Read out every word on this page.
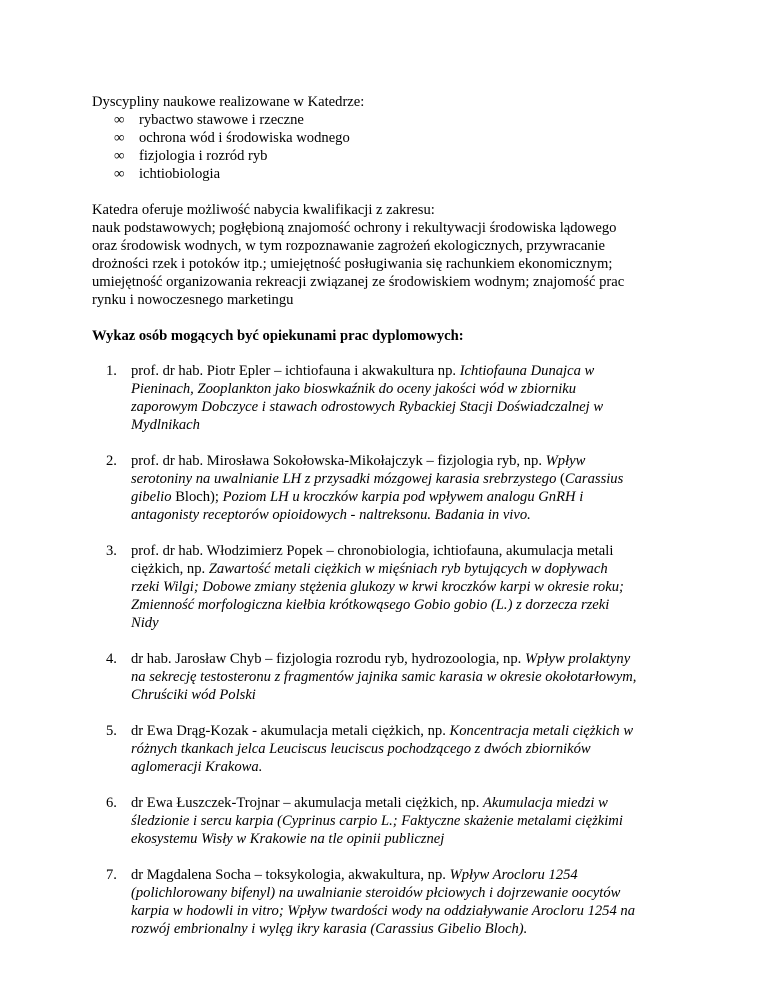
Dyscypliny naukowe realizowane w Katedrze:
∞ rybactwo stawowe i rzeczne
∞ ochrona wód i środowiska wodnego
∞ fizjologia i rozród ryb
∞ ichtiobiologia
Katedra oferuje możliwość nabycia kwalifikacji z zakresu:
nauk podstawowych; pogłębioną znajomość ochrony i rekultywacji środowiska lądowego
oraz środowisk wodnych, w tym rozpoznawanie zagrożeń ekologicznych, przywracanie
drożności rzek i potoków itp.; umiejętność posługiwania się rachunkiem ekonomicznym;
umiejętność organizowania rekreacji związanej ze środowiskiem wodnym; znajomość prac
rynku i nowoczesnego marketingu
Wykaz osób mogących być opiekunami prac dyplomowych:
1. prof. dr hab. Piotr Epler – ichtiofauna i akwakultura np. Ichtiofauna Dunajca w
Pieninach, Zooplankton jako bioswkaźnik do oceny jakości wód w zbiorniku
zaporowym Dobczyce i stawach odrostowych Rybackiej Stacji Doświadczalnej w
Mydlnikach
2. prof. dr hab. Mirosława Sokołowska-Mikołajczyk – fizjologia ryb, np. Wpływ
serotoniny na uwalnianie LH z przysadki mózgowej karasia srebrzystego (Carassius
gibelio Bloch); Poziom LH u kroczków karpia pod wpływem analogu GnRH i
antagonisty receptorów opioidowych - naltreksonu. Badania in vivo.
3. prof. dr hab. Włodzimierz Popek – chronobiologia, ichtiofauna, akumulacja metali
ciężkich, np. Zawartość metali ciężkich w mięśniach ryb bytujących w dopływach
rzeki Wilgi; Dobowe zmiany stężenia glukozy w krwi kroczków karpi w okresie roku;
Zmienność morfologiczna kiełbia krótkowąsego Gobio gobio (L.) z dorzecza rzeki
Nidy
4. dr hab. Jarosław Chyb – fizjologia rozrodu ryb, hydrozoologia, np. Wpływ prolaktyny
na sekrecję testosteronu z fragmentów jajnika samic karasia w okresie okołotarłowym,
Chruściki wód Polski
5. dr Ewa Drąg-Kozak - akumulacja metali ciężkich, np. Koncentracja metali ciężkich w
różnych tkankach jelca Leuciscus leuciscus pochodzącego z dwóch zbiorników
aglomeracji Krakowa.
6. dr Ewa Łuszczek-Trojnar – akumulacja metali ciężkich, np. Akumulacja miedzi w
śledzionie i sercu karpia (Cyprinus carpio L.; Faktyczne skażenie metalami ciężkimi
ekosystemu Wisły w Krakowie na tle opinii publicznej
7. dr Magdalena Socha – toksykologia, akwakultura, np. Wpływ Arocloru 1254
(polichlorowany bifenyl) na uwalnianie steroidów płciowych i dojrzewanie oocytów
karpia w hodowli in vitro; Wpływ twardości wody na oddziaływanie Arocloru 1254 na
rozwój embrionalny i wylęg ikry karasia (Carassius Gibelio Bloch).
